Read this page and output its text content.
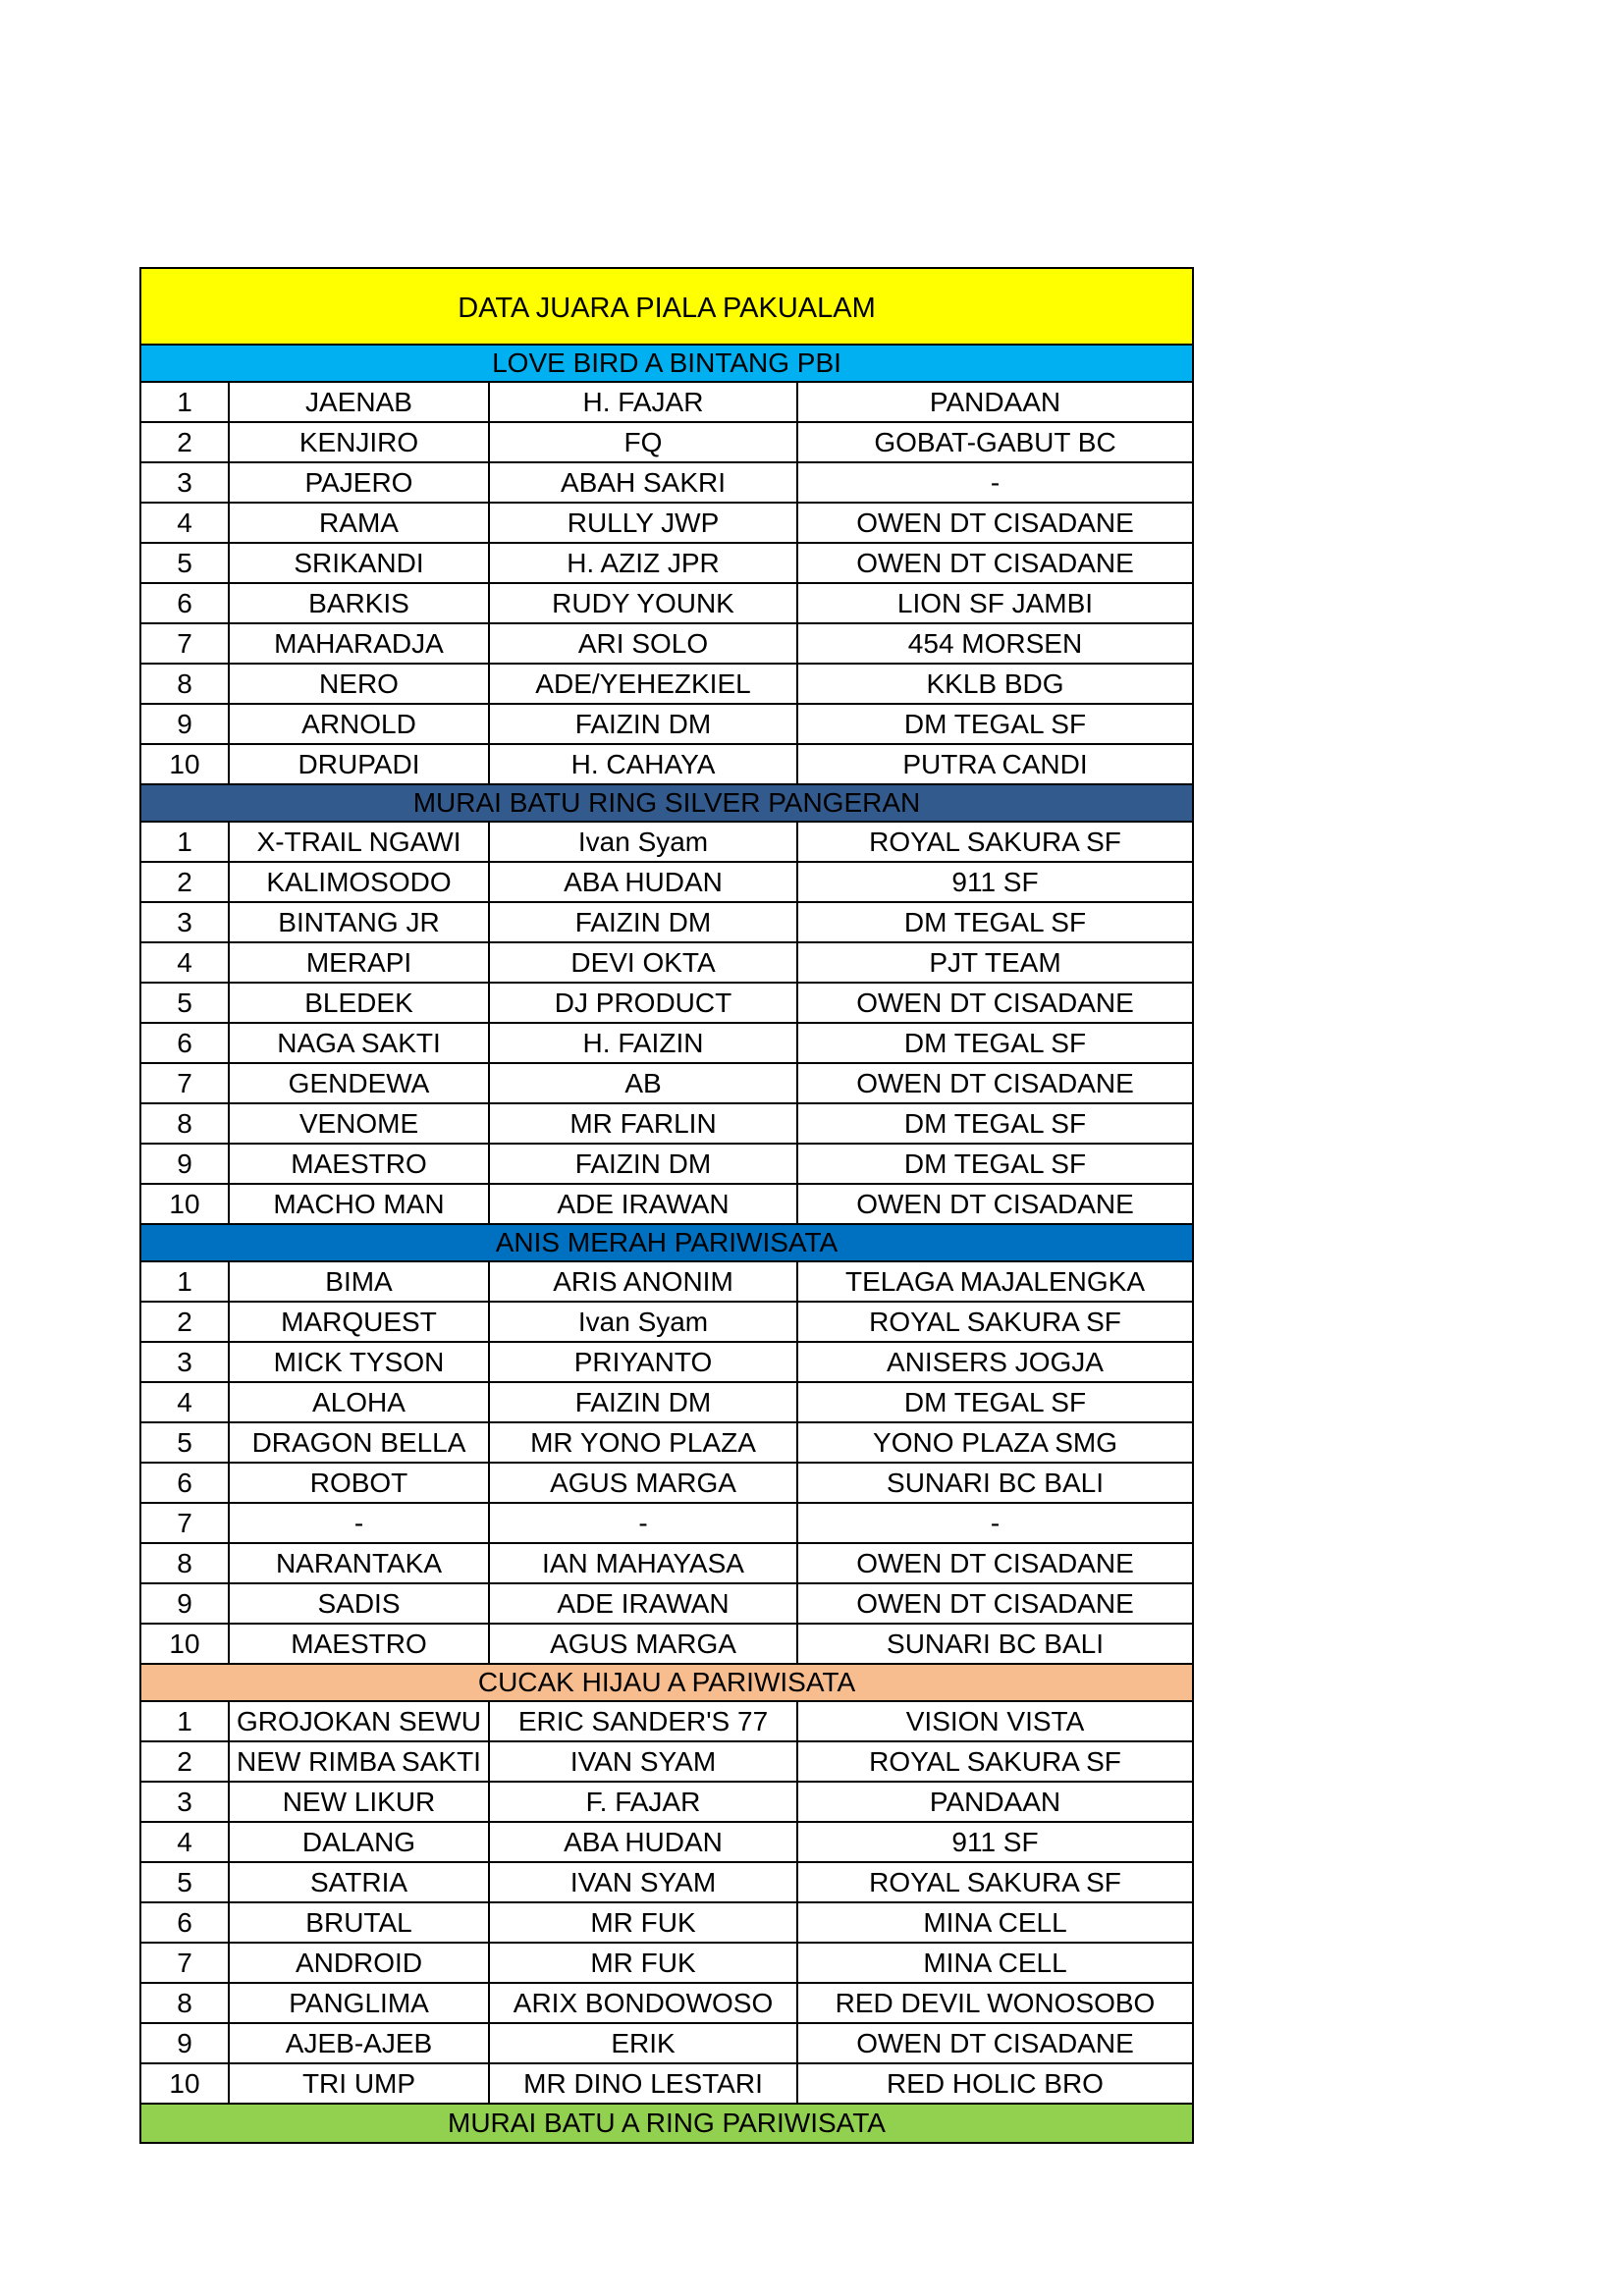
DATA JUARA PIALA PAKUALAM
LOVE BIRD A BINTANG PBI
1	JAENAB	H. FAJAR	PANDAAN
2	KENJIRO	FQ	GOBAT-GABUT BC
3	PAJERO	ABAH SAKRI	-
4	RAMA	RULLY JWP	OWEN DT CISADANE
5	SRIKANDI	H. AZIZ JPR	OWEN DT CISADANE
6	BARKIS	RUDY YOUNK	LION SF JAMBI
7	MAHARADJA	ARI SOLO	454 MORSEN
8	NERO	ADE/YEHEZKIEL	KKLB BDG
9	ARNOLD	FAIZIN DM	DM TEGAL SF
10	DRUPADI	H. CAHAYA	PUTRA CANDI
MURAI BATU RING SILVER PANGERAN
1	X-TRAIL NGAWI	Ivan Syam	ROYAL SAKURA SF
2	KALIMOSODO	ABA HUDAN	911 SF
3	BINTANG JR	FAIZIN DM	DM TEGAL SF
4	MERAPI	DEVI OKTA	PJT TEAM
5	BLEDEK	DJ PRODUCT	OWEN DT CISADANE
6	NAGA SAKTI	H. FAIZIN	DM TEGAL SF
7	GENDEWA	AB	OWEN DT CISADANE
8	VENOME	MR FARLIN	DM TEGAL SF
9	MAESTRO	FAIZIN DM	DM TEGAL SF
10	MACHO MAN	ADE IRAWAN	OWEN DT CISADANE
ANIS MERAH PARIWISATA
1	BIMA	ARIS ANONIM	TELAGA MAJALENGKA
2	MARQUEST	Ivan Syam	ROYAL SAKURA SF
3	MICK TYSON	PRIYANTO	ANISERS JOGJA
4	ALOHA	FAIZIN DM	DM TEGAL SF
5	DRAGON BELLA	MR YONO PLAZA	YONO PLAZA SMG
6	ROBOT	AGUS MARGA	SUNARI BC BALI
7	-	-	-
8	NARANTAKA	IAN MAHAYASA	OWEN DT CISADANE
9	SADIS	ADE IRAWAN	OWEN DT CISADANE
10	MAESTRO	AGUS MARGA	SUNARI BC BALI
CUCAK HIJAU A PARIWISATA
1	GROJOKAN SEWU	ERIC SANDER'S 77	VISION VISTA
2	NEW RIMBA SAKTI	IVAN SYAM	ROYAL SAKURA SF
3	NEW LIKUR	F. FAJAR	PANDAAN
4	DALANG	ABA HUDAN	911 SF
5	SATRIA	IVAN SYAM	ROYAL SAKURA SF
6	BRUTAL	MR FUK	MINA CELL
7	ANDROID	MR FUK	MINA CELL
8	PANGLIMA	ARIX BONDOWOSO	RED DEVIL WONOSOBO
9	AJEB-AJEB	ERIK	OWEN DT CISADANE
10	TRI UMP	MR DINO LESTARI	RED HOLIC BRO
MURAI BATU A RING PARIWISATA
